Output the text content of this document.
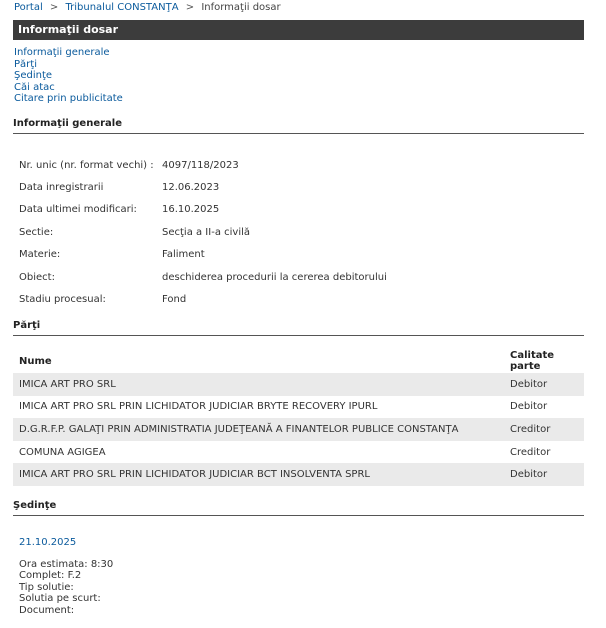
Portal > Tribunalul CONSTANŢA > Informaţii dosar
Informaţii dosar
Informaţii generale
Părţi
Şedinţe
Căi atac
Citare prin publicitate
Informaţii generale
Nr. unic (nr. format vechi) :	4097/118/2023
Data inregistrarii	12.06.2023
Data ultimei modificari:	16.10.2025
Sectie:	Secţia a II-a civilă
Materie:	Faliment
Obiect:	deschiderea procedurii la cererea debitorului
Stadiu procesual:	Fond
Părţi
Nume	Calitate parte
IMICA ART PRO SRL	Debitor
IMICA ART PRO SRL PRIN LICHIDATOR JUDICIAR BRYTE RECOVERY IPURL	Debitor
D.G.R.F.P. GALAŢI PRIN ADMINISTRATIA JUDEŢEANĂ A FINANTELOR PUBLICE CONSTANŢA	Creditor
COMUNA AGIGEA	Creditor
IMICA ART PRO SRL PRIN LICHIDATOR JUDICIAR BCT INSOLVENTA SPRL	Debitor
Şedinţe
21.10.2025
Ora estimata: 8:30
Complet: F.2
Tip solutie:
Solutia pe scurt:
Document:
